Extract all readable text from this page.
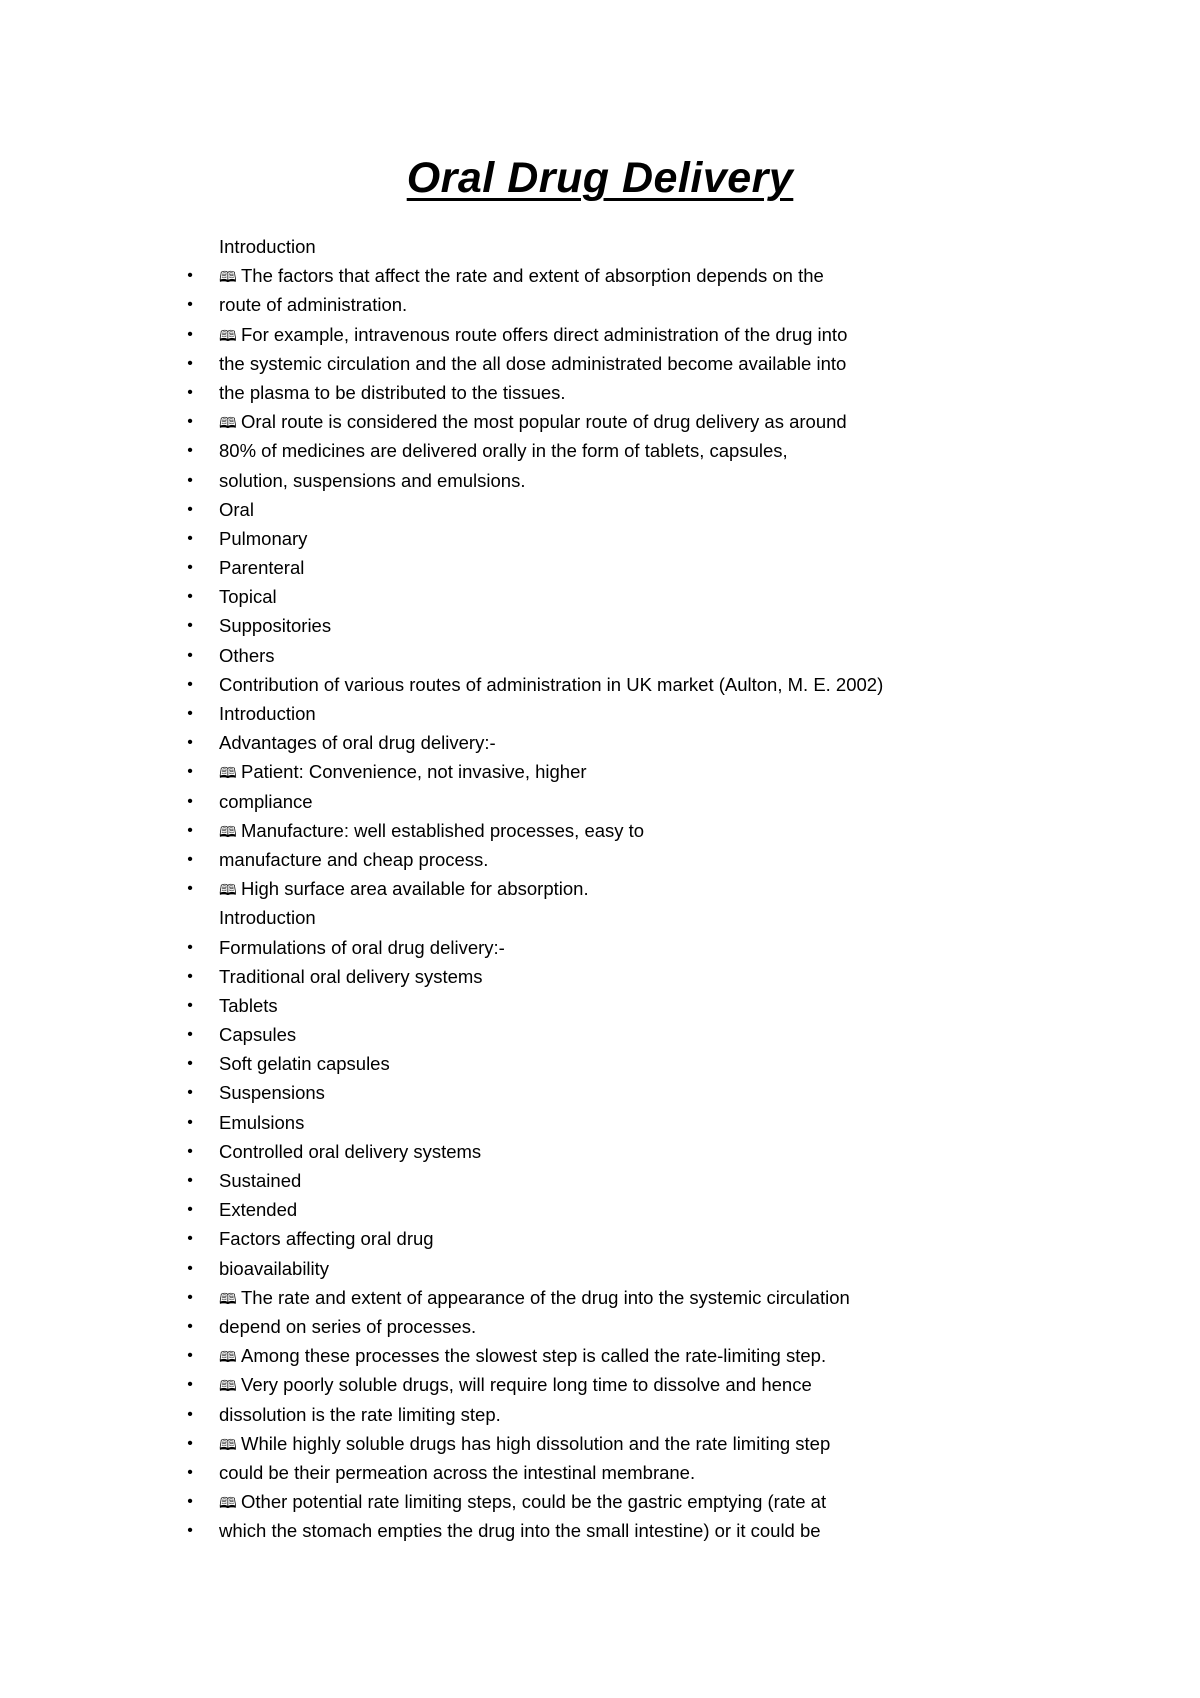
Oral Drug Delivery
Introduction
• 🕮 The factors that affect the rate and extent of absorption depends on the
• route of administration.
• 🕮 For example, intravenous route offers direct administration of the drug into
• the systemic circulation and the all dose administrated become available into
• the plasma to be distributed to the tissues.
• 🕮 Oral route is considered the most popular route of drug delivery as around
• 80% of medicines are delivered orally in the form of tablets, capsules,
• solution, suspensions and emulsions.
• Oral
• Pulmonary
• Parenteral
• Topical
• Suppositories
• Others
• Contribution of various routes of administration in UK market (Aulton, M. E. 2002)
• Introduction
• Advantages of oral drug delivery:-
• 🕮 Patient: Convenience, not invasive, higher
• compliance
• 🕮 Manufacture: well established processes, easy to
• manufacture and cheap process.
• 🕮 High surface area available for absorption.
Introduction
• Formulations of oral drug delivery:-
• Traditional oral delivery systems
• Tablets
• Capsules
• Soft gelatin capsules
• Suspensions
• Emulsions
• Controlled oral delivery systems
• Sustained
• Extended
• Factors affecting oral drug
• bioavailability
• 🕮 The rate and extent of appearance of the drug into the systemic circulation
• depend on series of processes.
• 🕮 Among these processes the slowest step is called the rate-limiting step.
• 🕮 Very poorly soluble drugs, will require long time to dissolve and hence
• dissolution is the rate limiting step.
• 🕮 While highly soluble drugs has high dissolution and the rate limiting step
• could be their permeation across the intestinal membrane.
• 🕮 Other potential rate limiting steps, could be the gastric emptying (rate at
• which the stomach empties the drug into the small intestine) or it could be
